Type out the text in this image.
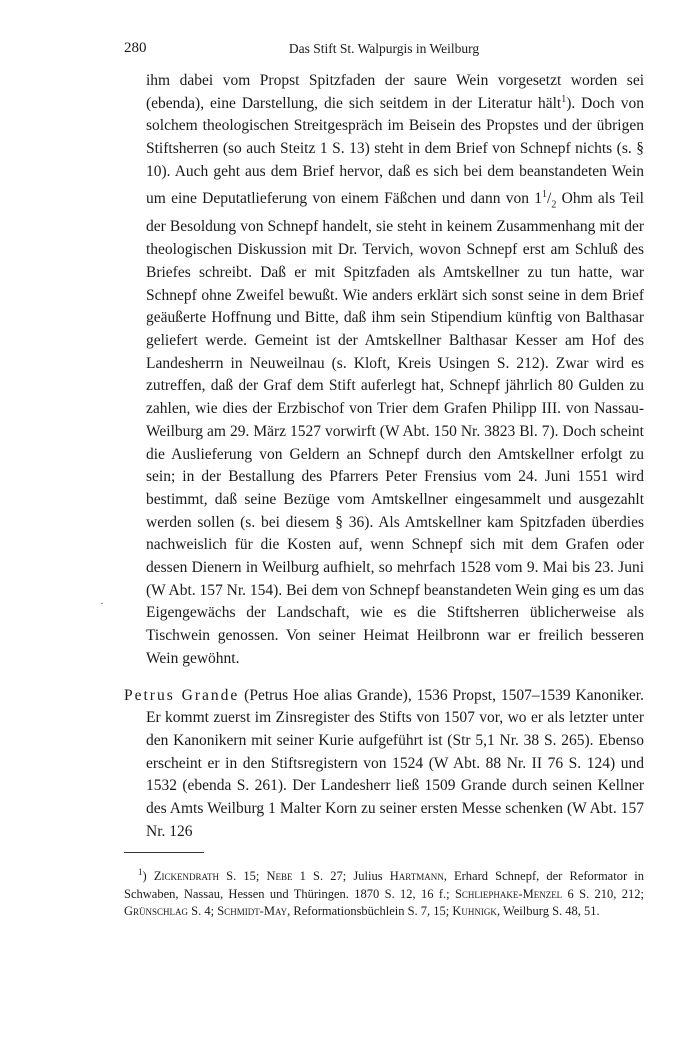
280	Das Stift St. Walpurgis in Weilburg

ihm dabei vom Propst Spitzfaden der saure Wein vorgesetzt worden sei (ebenda), eine Darstellung, die sich seitdem in der Literatur hält$^1$). Doch von solchem theologischen Streitgespräch im Beisein des Propstes und der übrigen Stiftsherren (so auch Steitz 1 S. 13) steht in dem Brief von Schnepf nichts (s. § 10). Auch geht aus dem Brief hervor, daß es sich bei dem beanstandeten Wein um eine Deputatlieferung von einem Fäßchen und dann von $1^1/_2$ Ohm als Teil der Besoldung von Schnepf handelt, sie steht in keinem Zusammenhang mit der theologischen Diskussion mit Dr. Tervich, wovon Schnepf erst am Schluß des Briefes schreibt. Daß er mit Spitzfaden als Amtskellner zu tun hatte, war Schnepf ohne Zweifel bewußt. Wie anders erklärt sich sonst seine in dem Brief geäußerte Hoffnung und Bitte, daß ihm sein Stipendium künftig von Balthasar geliefert werde. Gemeint ist der Amtskellner Balthasar Kesser am Hof des Landesherrn in Neuweilnau (s. Kloft, Kreis Usingen S. 212). Zwar wird es zutreffen, daß der Graf dem Stift auferlegt hat, Schnepf jährlich 80 Gulden zu zahlen, wie dies der Erzbischof von Trier dem Grafen Philipp III. von Nassau-Weilburg am 29. März 1527 vorwirft (W Abt. 150 Nr. 3823 Bl. 7). Doch scheint die Auslieferung von Geldern an Schnepf durch den Amtskellner erfolgt zu sein; in der Bestallung des Pfarrers Peter Frensius vom 24. Juni 1551 wird bestimmt, daß seine Bezüge vom Amtskellner eingesammelt und ausgezahlt werden sollen (s. bei diesem § 36). Als Amtskellner kam Spitzfaden überdies nachweislich für die Kosten auf, wenn Schnepf sich mit dem Grafen oder dessen Dienern in Weilburg aufhielt, so mehrfach 1528 vom 9. Mai bis 23. Juni (W Abt. 157 Nr. 154). Bei dem von Schnepf beanstandeten Wein ging es um das Eigengewächs der Landschaft, wie es die Stiftsherren üblicherweise als Tischwein genossen. Von seiner Heimat Heilbronn war er freilich besseren Wein gewöhnt.

Petrus Grande (Petrus Hoe alias Grande), 1536 Propst, 1507–1539 Kanoniker. Er kommt zuerst im Zinsregister des Stifts von 1507 vor, wo er als letzter unter den Kanonikern mit seiner Kurie aufgeführt ist (Str 5,1 Nr. 38 S. 265). Ebenso erscheint er in den Stiftsregistern von 1524 (W Abt. 88 Nr. II 76 S. 124) und 1532 (ebenda S. 261). Der Landesherr ließ 1509 Grande durch seinen Kellner des Amts Weilburg 1 Malter Korn zu seiner ersten Messe schenken (W Abt. 157 Nr. 126

·

$^1$) Zickendrath S. 15; Nebe 1 S. 27; Julius Hartmann, Erhard Schnepf, der Reformator in Schwaben, Nassau, Hessen und Thüringen. 1870 S. 12, 16 f.; Schliephake-Menzel 6 S. 210, 212; Grünschlag S. 4; Schmidt-May, Reformationsbüchlein S. 7, 15; Kuhnigk, Weilburg S. 48, 51.
